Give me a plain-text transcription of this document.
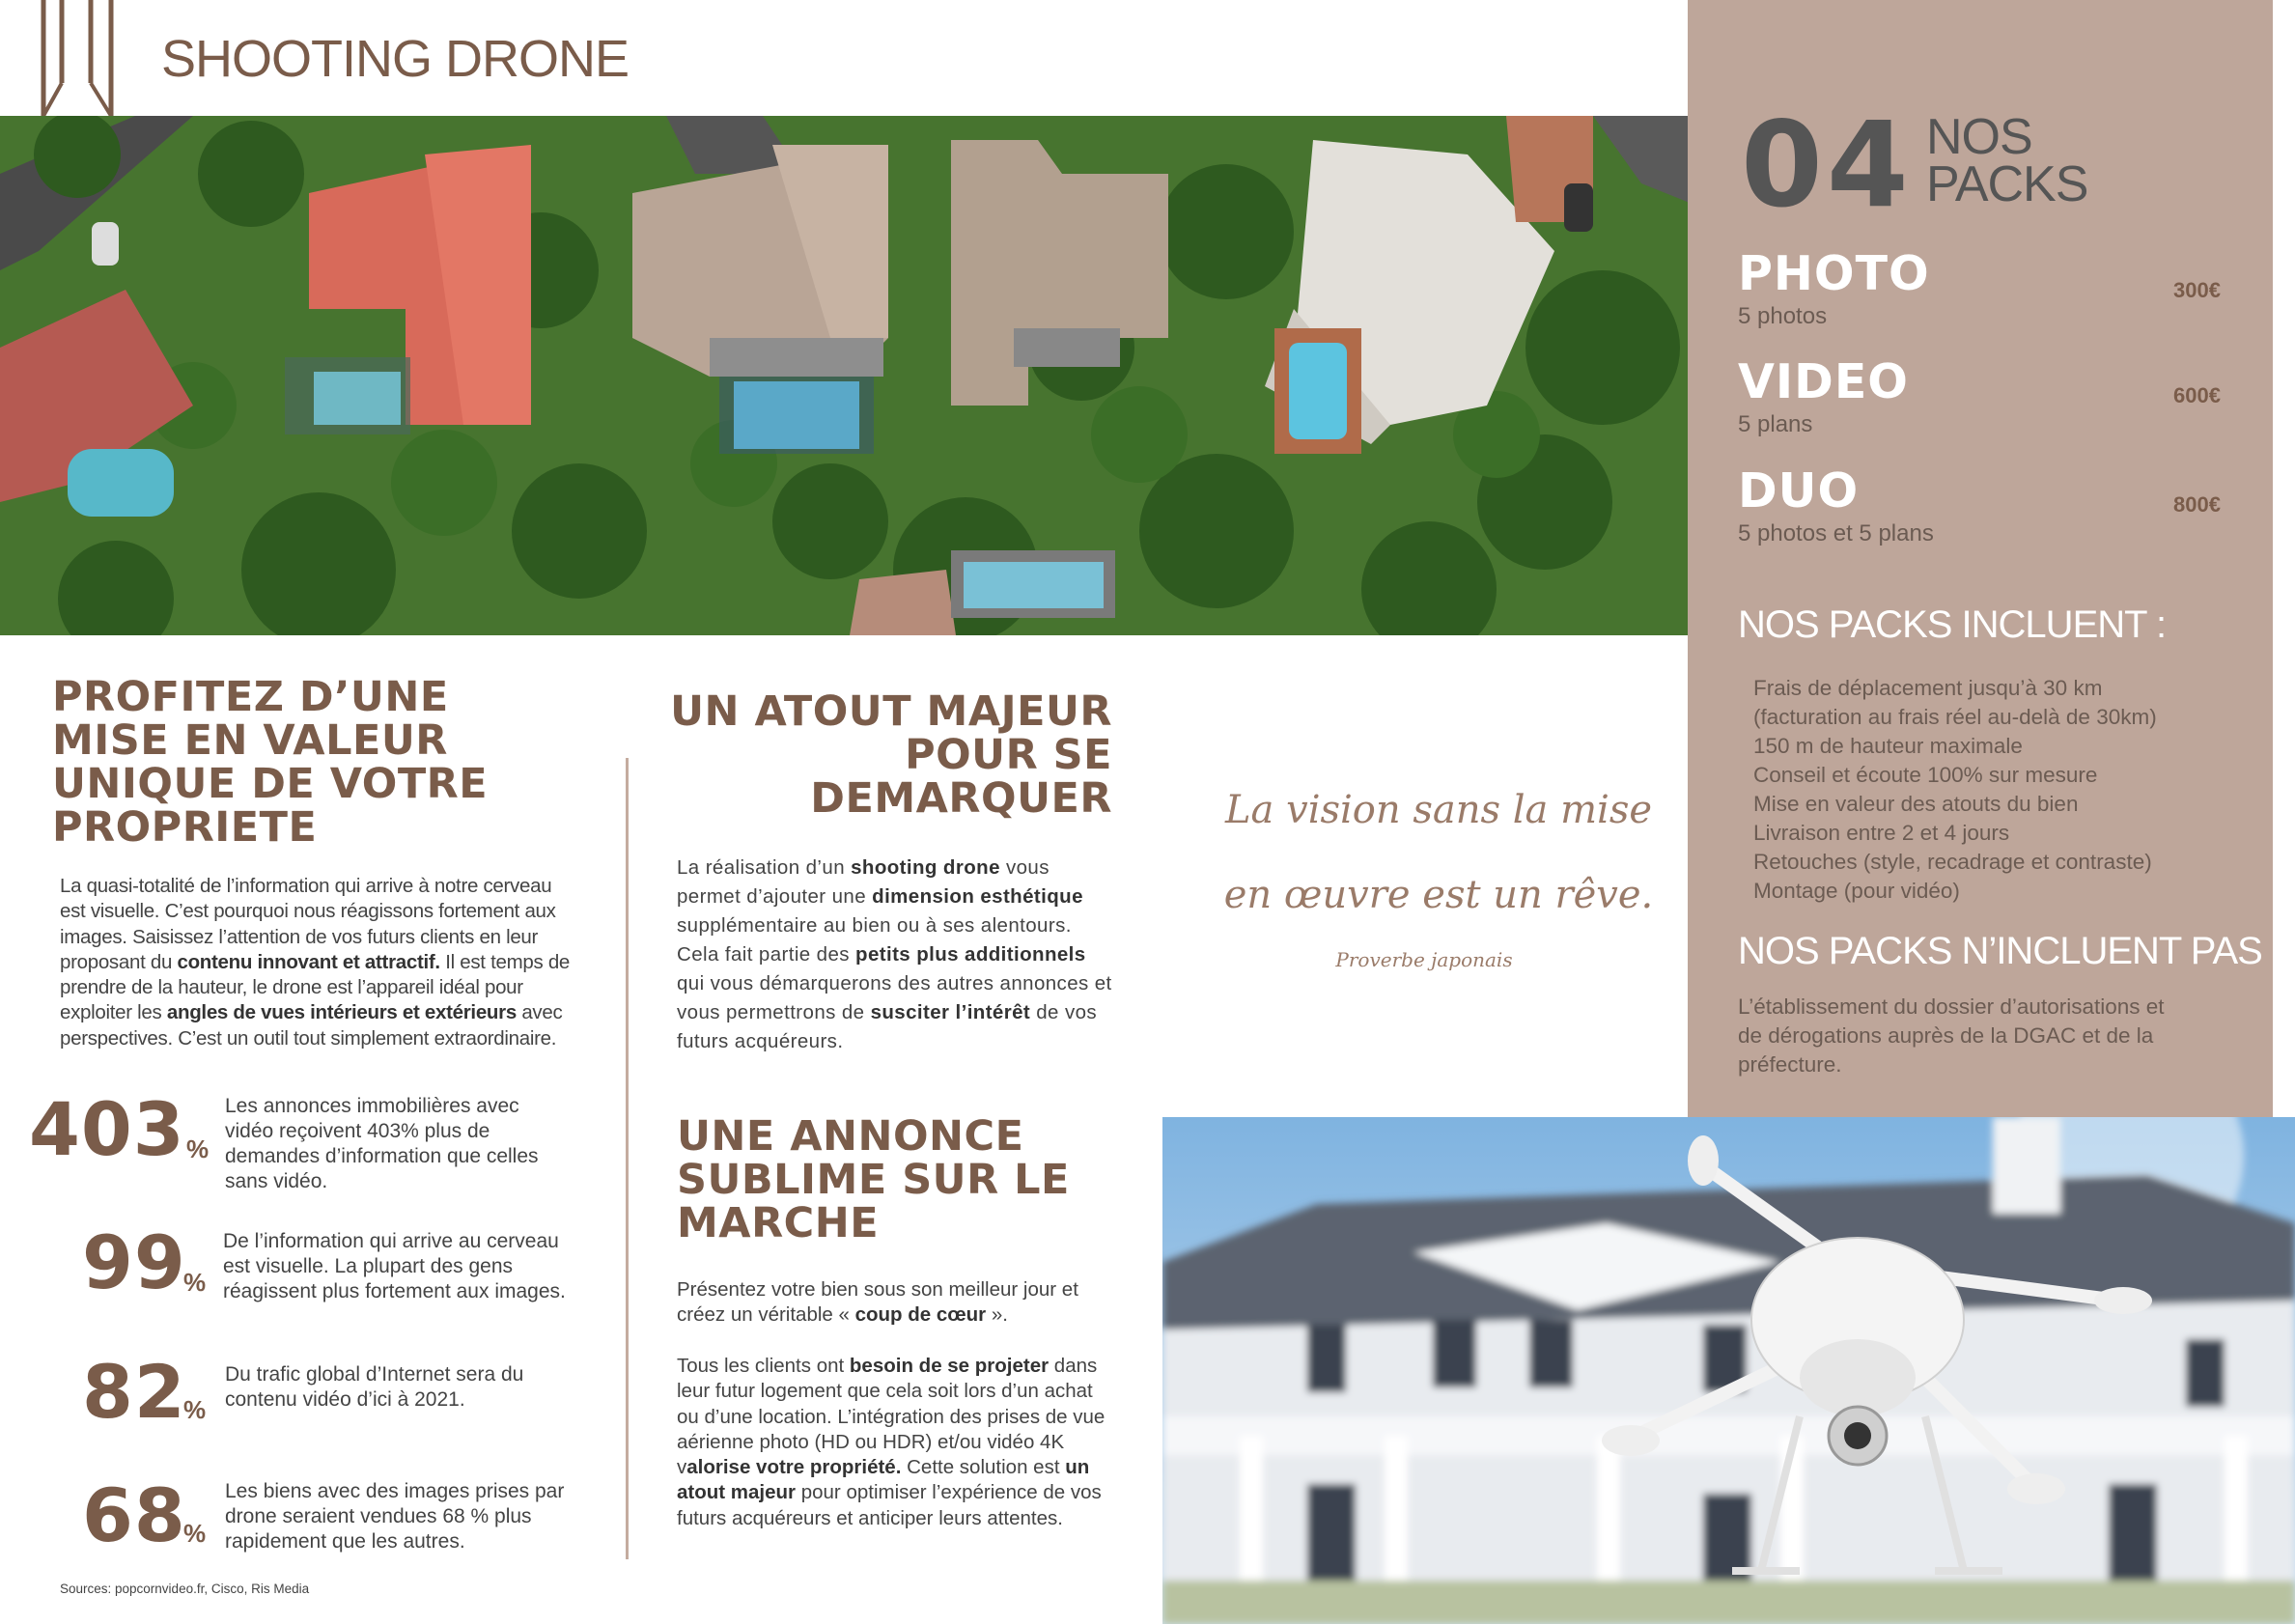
SHOOTING DRONE
04 NOS
PACKS
PHOTO
5 photos
300€
VIDEO
5 plans
600€
DUO
5 photos et 5 plans
800€
NOS PACKS INCLUENT :
Frais de déplacement jusqu’à 30 km
(facturation au frais réel au-delà de 30km)
150 m de hauteur maximale
Conseil et écoute 100% sur mesure
Mise en valeur des atouts du bien
Livraison entre 2 et 4 jours
Retouches (style, recadrage et contraste)
Montage (pour vidéo)
NOS PACKS N’INCLUENT PAS :
L’établissement du dossier d’autorisations et de dérogations auprès de la DGAC et de la préfecture.
PROFITEZ D’UNE MISE EN VALEUR UNIQUE DE VOTRE PROPRIETE
La quasi-totalité de l’information qui arrive à notre cerveau est visuelle. C’est pourquoi nous réagissons fortement aux images. Saisissez l’attention de vos futurs clients en leur proposant du contenu innovant et attractif. Il est temps de prendre de la hauteur, le drone est l’appareil idéal pour exploiter les angles de vues intérieurs et extérieurs avec perspectives. C’est un outil tout simplement extraordinaire.
403 %
Les annonces immobilières avec vidéo reçoivent 403% plus de demandes d’information que celles sans vidéo.
99
%
De l’information qui arrive au cerveau est visuelle. La plupart des gens réagissent plus fortement aux images.
82
%
Du trafic global d’Internet sera du contenu vidéo d’ici à 2021.
68
%
Les biens avec des images prises par drone seraient vendues 68 % plus rapidement que les autres.
Sources: popcornvideo.fr, Cisco, Ris Media
UN ATOUT MAJEUR POUR SE DEMARQUER
La réalisation d’un shooting drone vous permet d’ajouter une dimension esthétique supplémentaire au bien ou à ses alentours. Cela fait partie des petits plus additionnels qui vous démarquerons des autres annonces et vous permettrons de susciter l’intérêt de vos futurs acquéreurs.
UNE ANNONCE SUBLIME SUR LE MARCHE
Présentez votre bien sous son meilleur jour et créez un véritable « coup de cœur ».
Tous les clients ont besoin de se projeter dans leur futur logement que cela soit lors d’un achat ou d’une location. L’intégration des prises de vue aérienne photo (HD ou HDR) et/ou vidéo 4K valorise votre propriété. Cette solution est un atout majeur pour optimiser l’expérience de vos futurs acquéreurs et anticiper leurs attentes.
La vision sans la mise
en œuvre est un rêve.
Proverbe japonais
